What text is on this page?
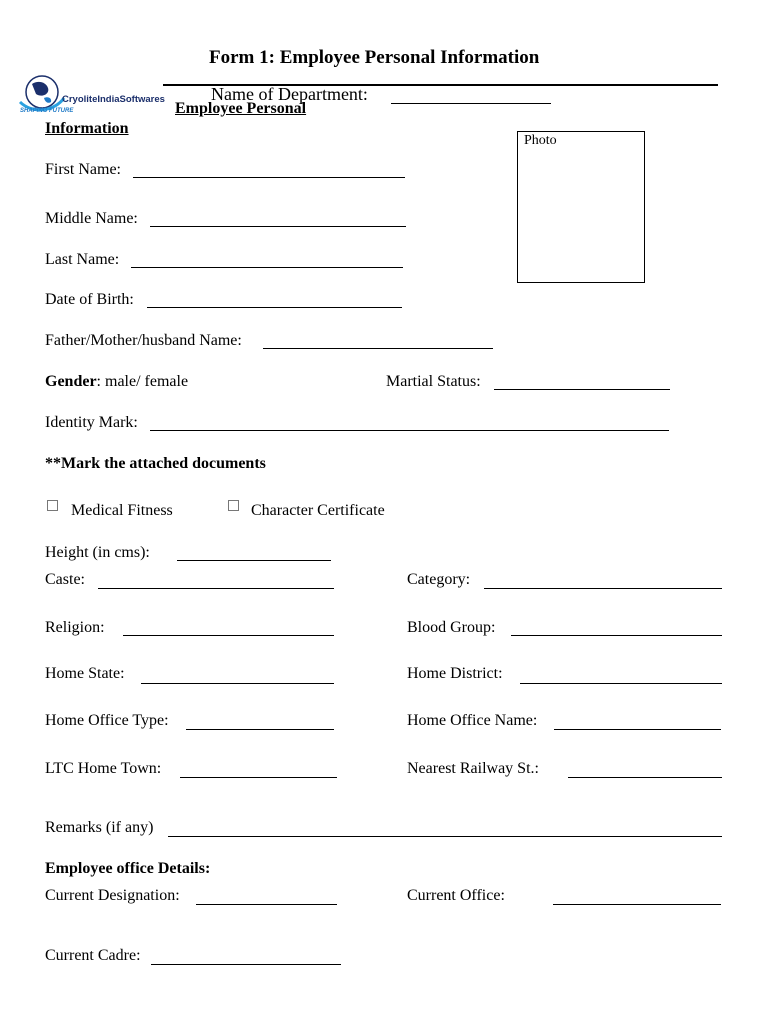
Form 1: Employee Personal Information
Name of Department:
CryoliteIndiaSoftwares
SHAPING FUTURE	Employee Personal
Information
Photo
First Name:
Middle Name:
Last Name:
Date of Birth:
Father/Mother/husband Name:
Gender: male/ female	Martial Status:
Identity Mark:
**Mark the attached documents
Medical Fitness	Character Certificate
Height (in cms):
Caste:	Category:
Religion:	Blood Group:
Home State:	Home District:
Home Office Type:	Home Office Name:
LTC Home Town:	Nearest Railway St.:
Remarks (if any)
Employee office Details:
Current Designation:	Current Office:
Current Cadre:
